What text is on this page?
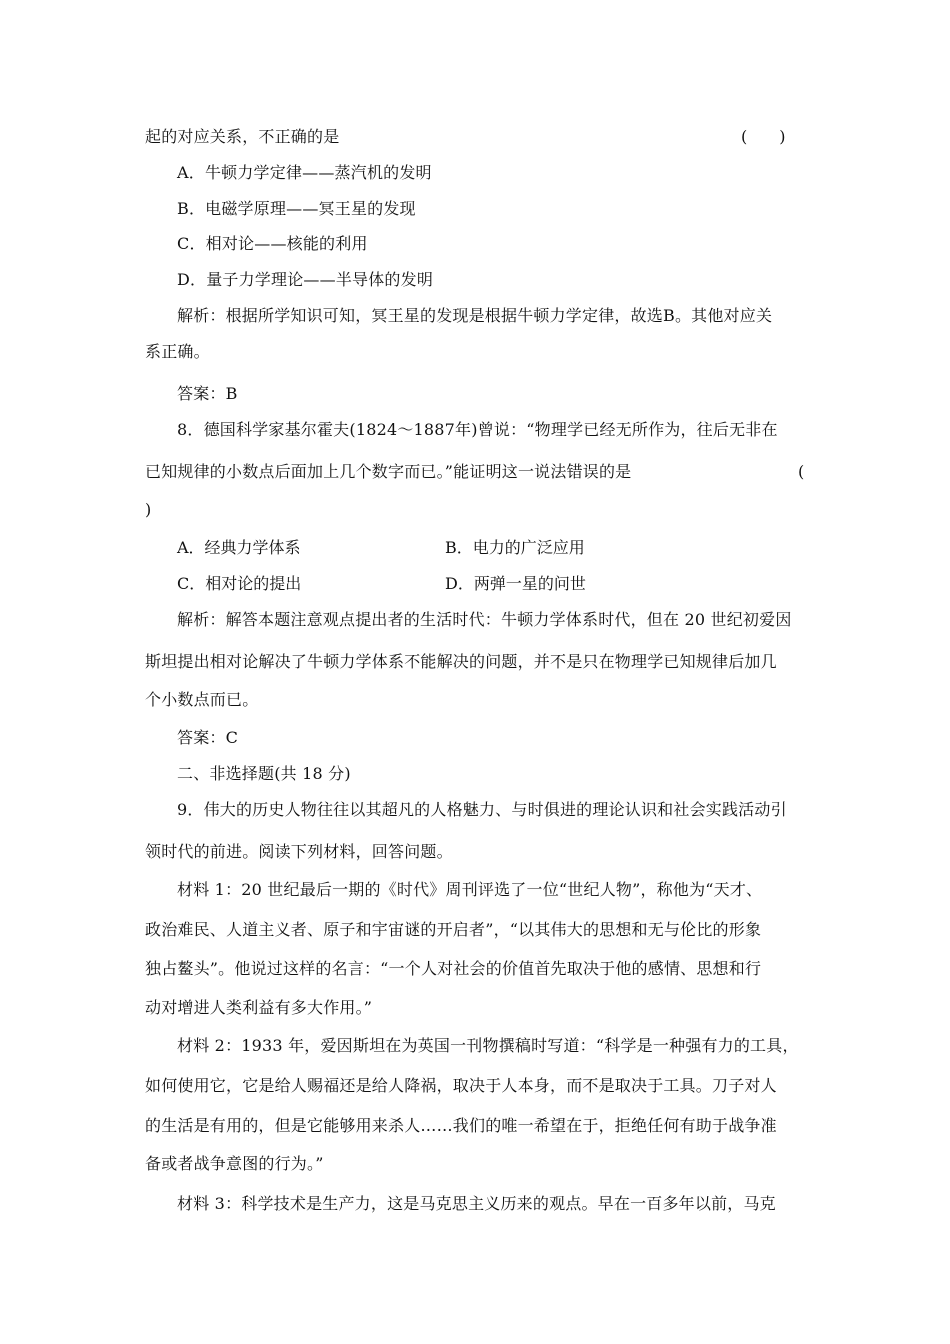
起的对应关系，不正确的是	(　　)
A．牛顿力学定律——蒸汽机的发明
B．电磁学原理——冥王星的发现
C．相对论——核能的利用
D．量子力学理论——半导体的发明
解析：根据所学知识可知，冥王星的发现是根据牛顿力学定律，故选B。其他对应关
系正确。
答案：B
8．德国科学家基尔霍夫(1824～1887年)曾说：“物理学已经无所作为，往后无非在
已知规律的小数点后面加上几个数字而已。”能证明这一说法错误的是	(
)
A．经典力学体系	B．电力的广泛应用
C．相对论的提出	D．两弹一星的问世
解析：解答本题注意观点提出者的生活时代：牛顿力学体系时代，但在 20 世纪初爱因
斯坦提出相对论解决了牛顿力学体系不能解决的问题，并不是只在物理学已知规律后加几
个小数点而已。
答案：C
二、非选择题(共 18 分)
9．伟大的历史人物往往以其超凡的人格魅力、与时俱进的理论认识和社会实践活动引
领时代的前进。阅读下列材料，回答问题。
材料 1：20 世纪最后一期的《时代》周刊评选了一位“世纪人物”，称他为“天才、
政治难民、人道主义者、原子和宇宙谜的开启者”，“以其伟大的思想和无与伦比的形象
独占鳌头”。他说过这样的名言：“一个人对社会的价值首先取决于他的感情、思想和行
动对增进人类利益有多大作用。”
材料 2：1933 年，爱因斯坦在为英国一刊物撰稿时写道：“科学是一种强有力的工具，
如何使用它，它是给人赐福还是给人降祸，取决于人本身，而不是取决于工具。刀子对人
的生活是有用的，但是它能够用来杀人……我们的唯一希望在于，拒绝任何有助于战争准
备或者战争意图的行为。”
材料 3：科学技术是生产力，这是马克思主义历来的观点。早在一百多年以前，马克
